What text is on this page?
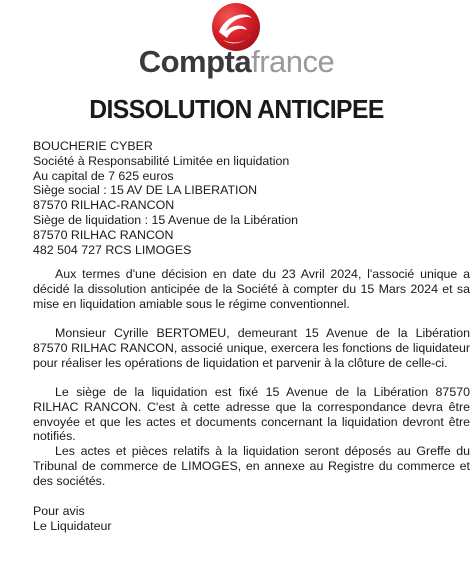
Comptafrance
DISSOLUTION ANTICIPEE
BOUCHERIE CYBER
Société à Responsabilité Limitée en liquidation
Au capital de 7 625 euros
Siège social : 15 AV DE LA LIBERATION
87570 RILHAC-RANCON
Siège de liquidation : 15 Avenue de la Libération
87570 RILHAC RANCON
482 504 727 RCS LIMOGES
Aux termes d'une décision en date du 23 Avril 2024, l'associé unique a décidé la dissolution anticipée de la Société à compter du 15 Mars 2024 et sa mise en liquidation amiable sous le régime conventionnel.
Monsieur Cyrille BERTOMEU, demeurant 15 Avenue de la Libération 87570 RILHAC RANCON, associé unique, exercera les fonctions de liquidateur pour réaliser les opérations de liquidation et parvenir à la clôture de celle-ci.
Le siège de la liquidation est fixé 15 Avenue de la Libération 87570 RILHAC RANCON. C'est à cette adresse que la correspondance devra être envoyée et que les actes et documents concernant la liquidation devront être notifiés.
Les actes et pièces relatifs à la liquidation seront déposés au Greffe du Tribunal de commerce de LIMOGES, en annexe au Registre du commerce et des sociétés.
Pour avis
Le Liquidateur
